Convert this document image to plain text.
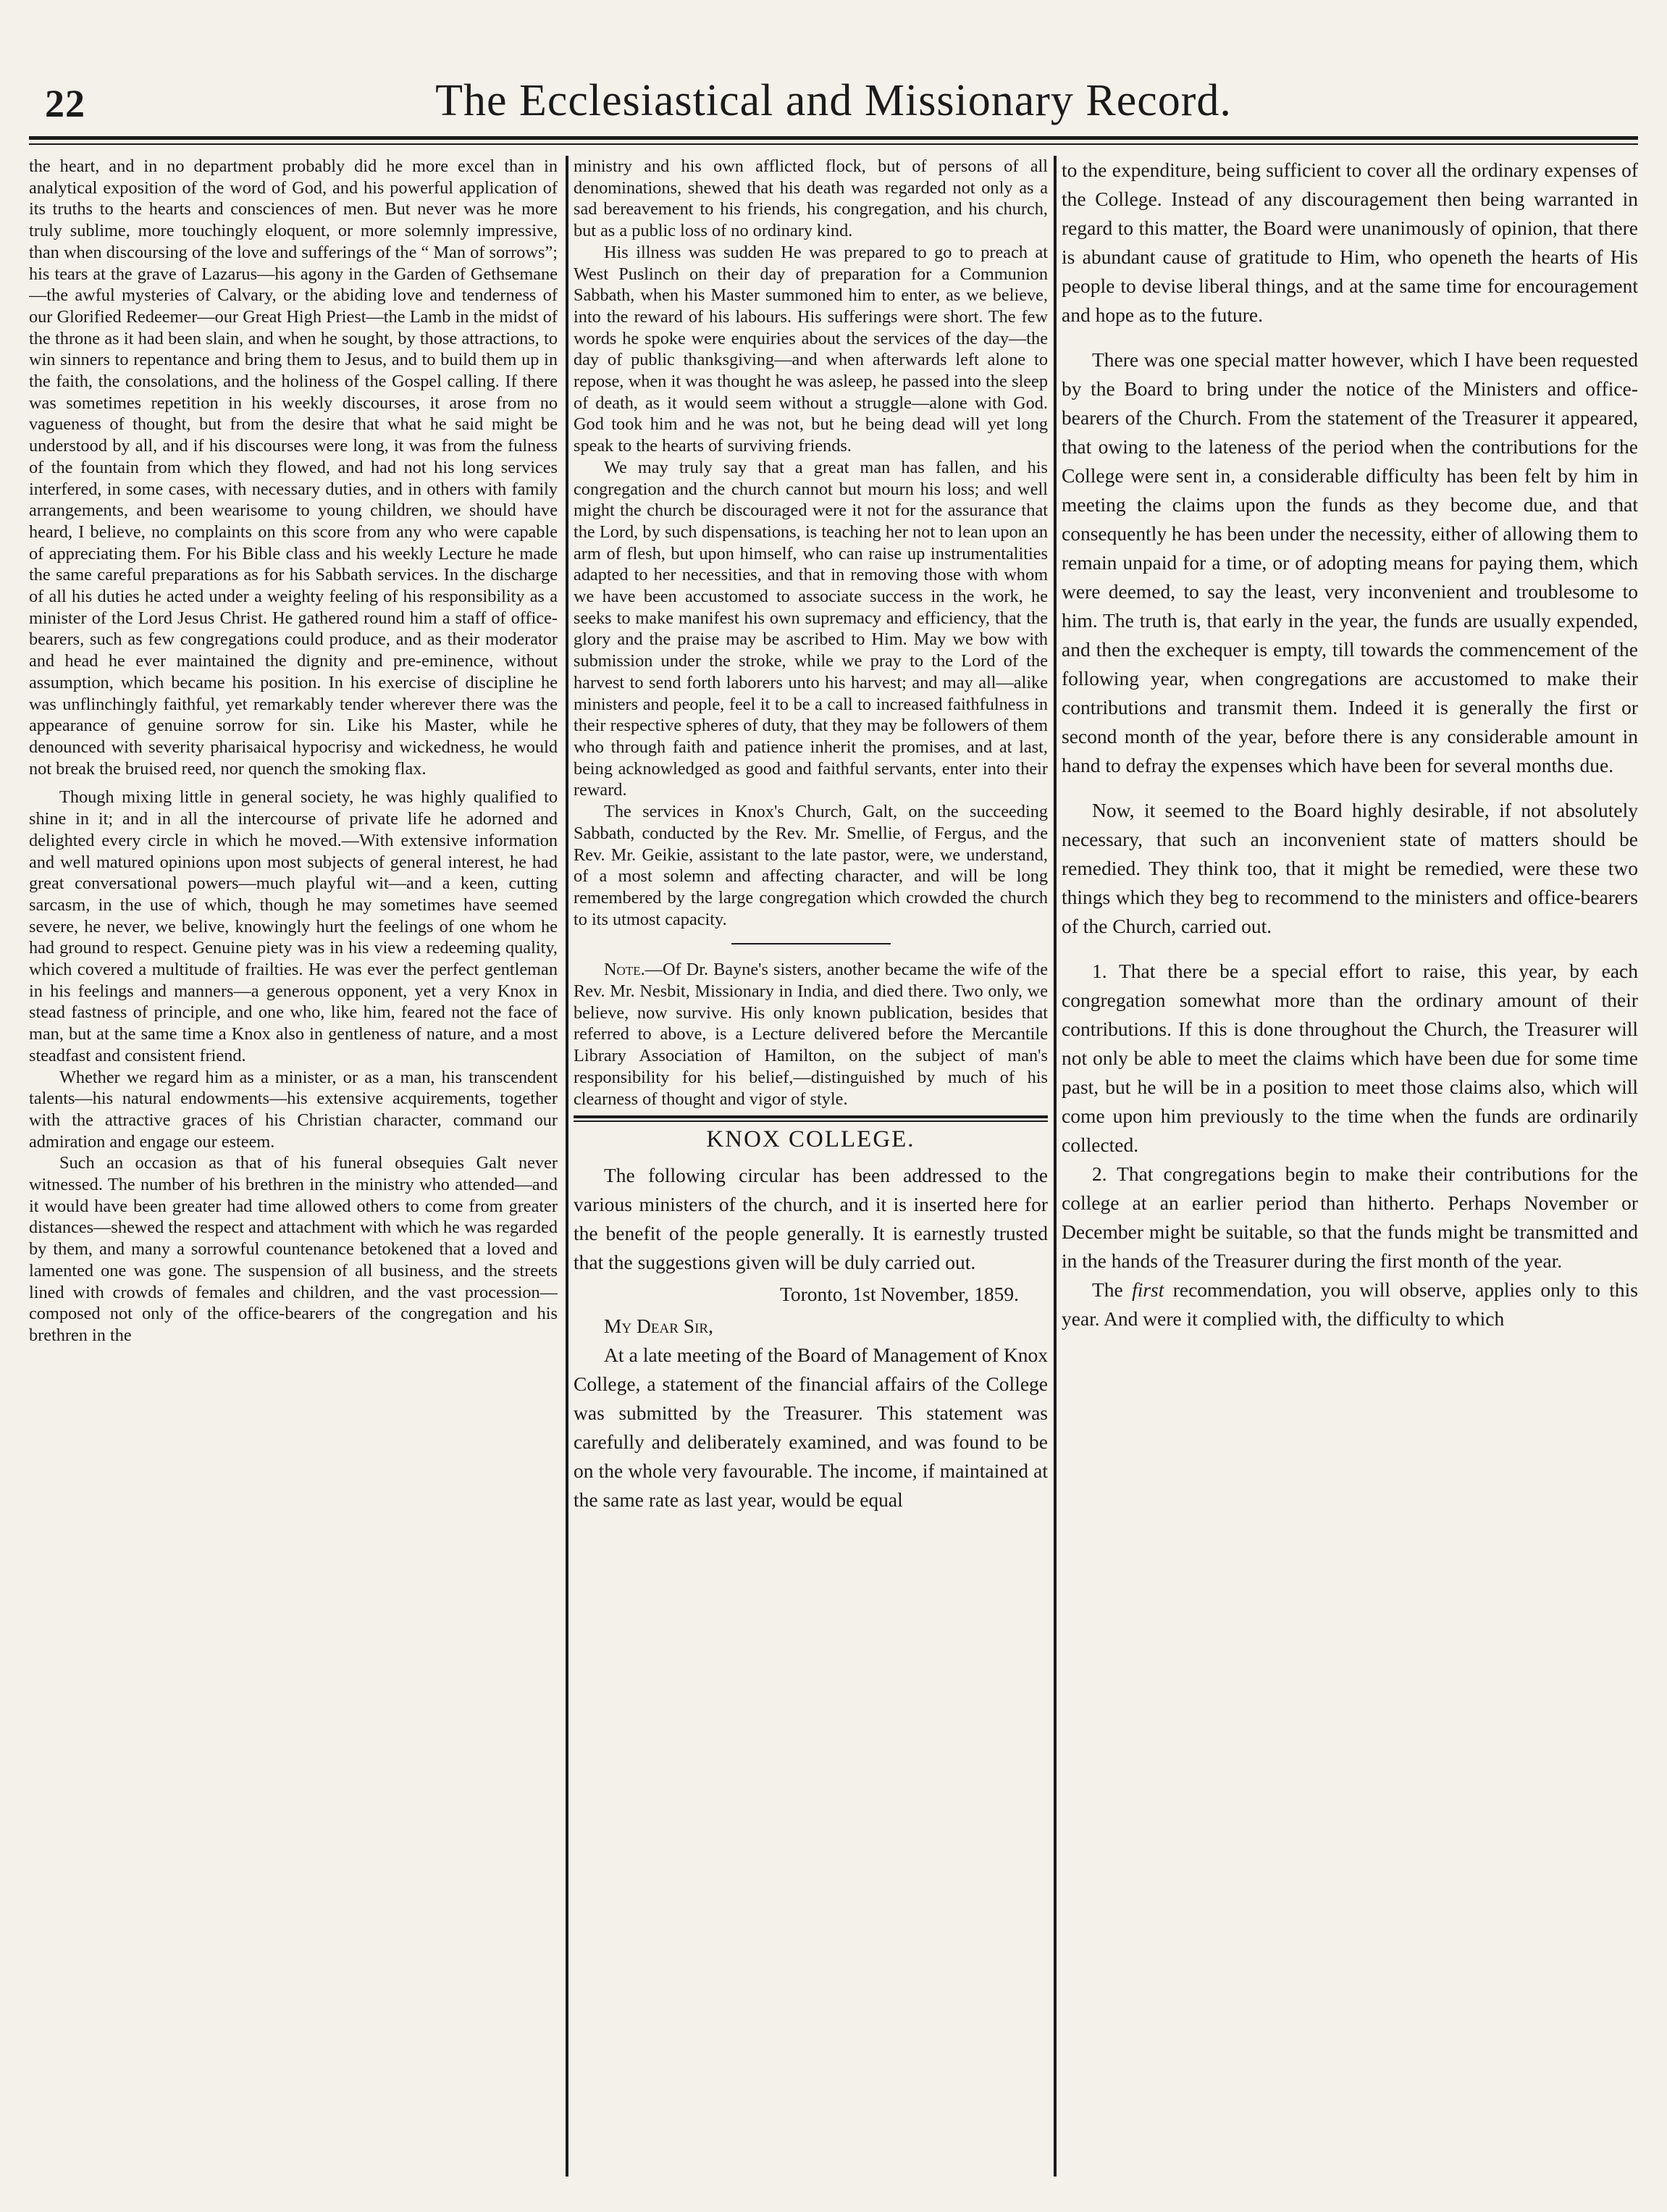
22	The Ecclesiastical and Missionary Record.

the heart, and in no department probably did he more excel than in analytical exposition of the word of God, and his powerful application of its truths to the hearts and consciences of men. But never was he more truly sublime, more touchingly eloquent, or more solemnly impressive, than when discoursing of the love and sufferings of the “ Man of sorrows”; his tears at the grave of Lazarus—his agony in the Garden of Gethsemane—the awful mysteries of Calvary, or the abiding love and tenderness of our Glorified Redeemer—our Great High Priest—the Lamb in the midst of the throne as it had been slain, and when he sought, by those attractions, to win sinners to repentance and bring them to Jesus, and to build them up in the faith, the consolations, and the holiness of the Gospel calling. If there was sometimes repetition in his weekly discourses, it arose from no vagueness of thought, but from the desire that what he said might be understood by all, and if his discourses were long, it was from the fulness of the fountain from which they flowed, and had not his long services interfered, in some cases, with necessary duties, and in others with family arrangements, and been wearisome to young children, we should have heard, I believe, no complaints on this score from any who were capable of appreciating them. For his Bible class and his weekly Lecture he made the same careful preparations as for his Sabbath services. In the discharge of all his duties he acted under a weighty feeling of his responsibility as a minister of the Lord Jesus Christ. He gathered round him a staff of office-bearers, such as few congregations could produce, and as their moderator and head he ever maintained the dignity and pre-eminence, without assumption, which became his position. In his exercise of discipline he was unflinchingly faithful, yet remarkably tender wherever there was the appearance of genuine sorrow for sin. Like his Master, while he denounced with severity pharisaical hypocrisy and wickedness, he would not break the bruised reed, nor quench the smoking flax.

Though mixing little in general society, he was highly qualified to shine in it; and in all the intercourse of private life he adorned and delighted every circle in which he moved.—With extensive information and well matured opinions upon most subjects of general interest, he had great conversational powers—much playful wit—and a keen, cutting sarcasm, in the use of which, though he may sometimes have seemed severe, he never, we belive, knowingly hurt the feelings of one whom he had ground to respect. Genuine piety was in his view a redeeming quality, which covered a multitude of frailties. He was ever the perfect gentleman in his feelings and manners—a generous opponent, yet a very Knox in stead fastness of principle, and one who, like him, feared not the face of man, but at the same time a Knox also in gentleness of nature, and a most steadfast and consistent friend.

Whether we regard him as a minister, or as a man, his transcendent talents—his natural endowments—his extensive acquirements, together with the attractive graces of his Christian character, command our admiration and engage our esteem.

Such an occasion as that of his funeral obsequies Galt never witnessed. The number of his brethren in the ministry who attended—and it would have been greater had time allowed others to come from greater distances—shewed the respect and attachment with which he was regarded by them, and many a sorrowful countenance betokened that a loved and lamented one was gone. The suspension of all business, and the streets lined with crowds of females and children, and the vast procession—composed not only of the office-bearers of the congregation and his brethren in the

ministry and his own afflicted flock, but of persons of all denominations, shewed that his death was regarded not only as a sad bereavement to his friends, his congregation, and his church, but as a public loss of no ordinary kind.

His illness was sudden He was prepared to go to preach at West Puslinch on their day of preparation for a Communion Sabbath, when his Master summoned him to enter, as we believe, into the reward of his labours. His sufferings were short. The few words he spoke were enquiries about the services of the day—the day of public thanksgiving—and when afterwards left alone to repose, when it was thought he was asleep, he passed into the sleep of death, as it would seem without a struggle—alone with God. God took him and he was not, but he being dead will yet long speak to the hearts of surviving friends.

We may truly say that a great man has fallen, and his congregation and the church cannot but mourn his loss; and well might the church be discouraged were it not for the assurance that the Lord, by such dispensations, is teaching her not to lean upon an arm of flesh, but upon himself, who can raise up instrumentalities adapted to her necessities, and that in removing those with whom we have been accustomed to associate success in the work, he seeks to make manifest his own supremacy and efficiency, that the glory and the praise may be ascribed to Him. May we bow with submission under the stroke, while we pray to the Lord of the harvest to send forth laborers unto his harvest; and may all—alike ministers and people, feel it to be a call to increased faithfulness in their respective spheres of duty, that they may be followers of them who through faith and patience inherit the promises, and at last, being acknowledged as good and faithful servants, enter into their reward.

The services in Knox's Church, Galt, on the succeeding Sabbath, conducted by the Rev. Mr. Smellie, of Fergus, and the Rev. Mr. Geikie, assistant to the late pastor, were, we understand, of a most solemn and affecting character, and will be long remembered by the large congregation which crowded the church to its utmost capacity.

Note.—Of Dr. Bayne's sisters, another became the wife of the Rev. Mr. Nesbit, Missionary in India, and died there. Two only, we believe, now survive. His only known publication, besides that referred to above, is a Lecture delivered before the Mercantile Library Association of Hamilton, on the subject of man's responsibility for his belief,—distinguished by much of his clearness of thought and vigor of style.

KNOX COLLEGE.

The following circular has been addressed to the various ministers of the church, and it is inserted here for the benefit of the people generally. It is earnestly trusted that the suggestions given will be duly carried out.

Toronto, 1st November, 1859.

My Dear Sir,

At a late meeting of the Board of Management of Knox College, a statement of the financial affairs of the College was submitted by the Treasurer. This statement was carefully and deliberately examined, and was found to be on the whole very favourable. The income, if maintained at the same rate as last year, would be equal

to the expenditure, being sufficient to cover all the ordinary expenses of the College. Instead of any discouragement then being warranted in regard to this matter, the Board were unanimously of opinion, that there is abundant cause of gratitude to Him, who openeth the hearts of His people to devise liberal things, and at the same time for encouragement and hope as to the future.

There was one special matter however, which I have been requested by the Board to bring under the notice of the Ministers and office-bearers of the Church. From the statement of the Treasurer it appeared, that owing to the lateness of the period when the contributions for the College were sent in, a considerable difficulty has been felt by him in meeting the claims upon the funds as they become due, and that consequently he has been under the necessity, either of allowing them to remain unpaid for a time, or of adopting means for paying them, which were deemed, to say the least, very inconvenient and troublesome to him. The truth is, that early in the year, the funds are usually expended, and then the exchequer is empty, till towards the commencement of the following year, when congregations are accustomed to make their contributions and transmit them. Indeed it is generally the first or second month of the year, before there is any considerable amount in hand to defray the expenses which have been for several months due.

Now, it seemed to the Board highly desirable, if not absolutely necessary, that such an inconvenient state of matters should be remedied. They think too, that it might be remedied, were these two things which they beg to recommend to the ministers and office-bearers of the Church, carried out.

1. That there be a special effort to raise, this year, by each congregation somewhat more than the ordinary amount of their contributions. If this is done throughout the Church, the Treasurer will not only be able to meet the claims which have been due for some time past, but he will be in a position to meet those claims also, which will come upon him previously to the time when the funds are ordinarily collected.

2. That congregations begin to make their contributions for the college at an earlier period than hitherto. Perhaps November or December might be suitable, so that the funds might be transmitted and in the hands of the Treasurer during the first month of the year.

The first recommendation, you will observe, applies only to this year. And were it complied with, the difficulty to which
